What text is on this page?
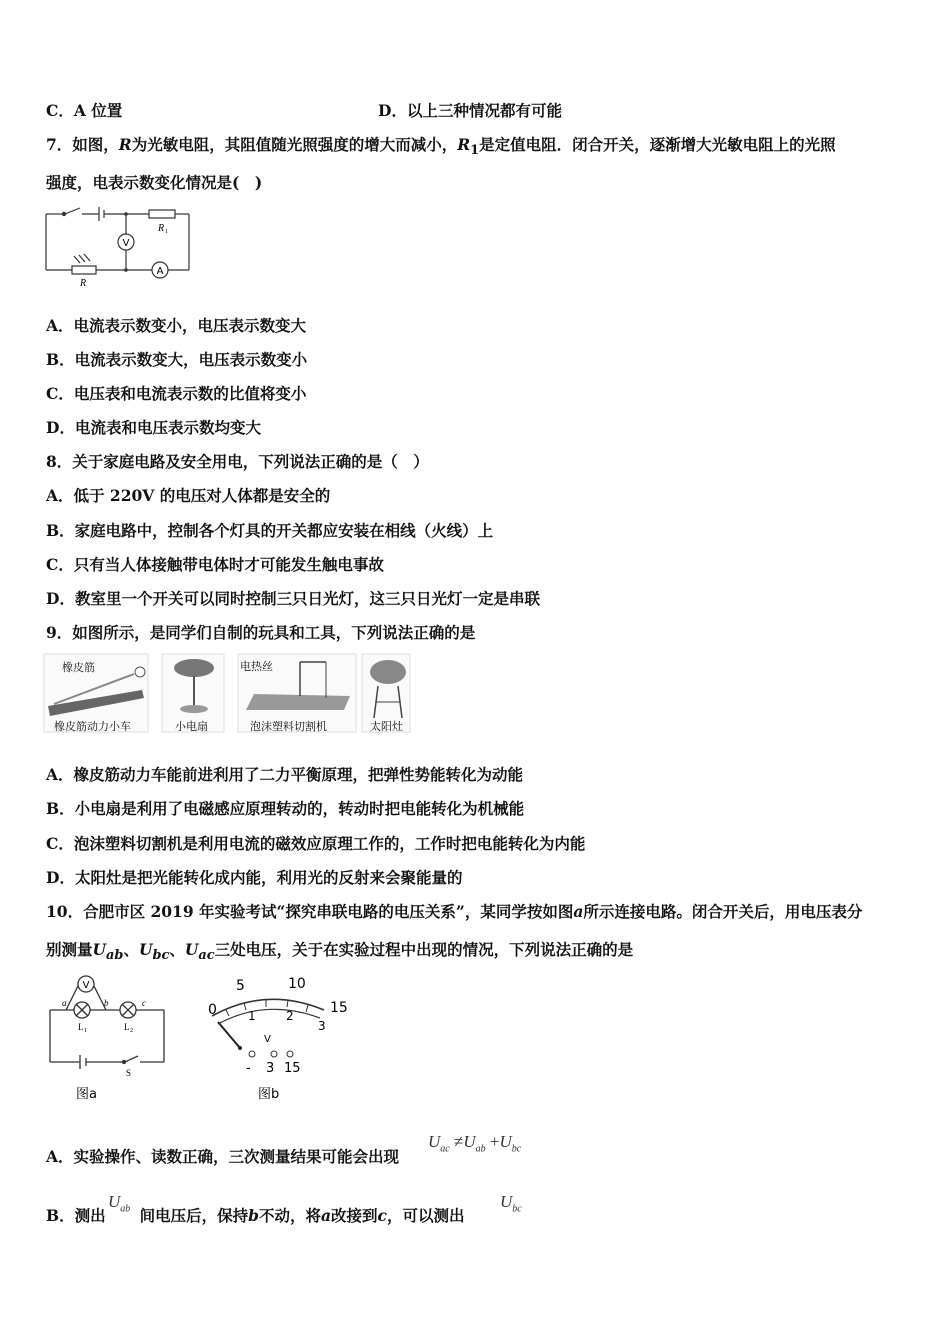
C．A 位置	D．以上三种情况都有可能
7．如图，R为光敏电阻，其阻值随光照强度的增大而减小，$R_1$是定值电阻．闭合开关，逐渐增大光敏电阻上的光照
强度，电表示数变化情况是(　)
V
A
R 1
R
A．电流表示数变小，电压表示数变大
B．电流表示数变大，电压表示数变小
C．电压表和电流表示数的比值将变小
D．电流表和电压表示数均变大
8．关于家庭电路及安全用电，下列说法正确的是（　）
A．低于 220V 的电压对人体都是安全的
B．家庭电路中，控制各个灯具的开关都应安装在相线（火线）上
C．只有当人体接触带电体时才可能发生触电事故
D．教室里一个开关可以同时控制三只日光灯，这三只日光灯一定是串联
9．如图所示，是同学们自制的玩具和工具，下列说法正确的是
橡皮筋
橡皮筋动力小车	小电扇
电热丝
泡沫塑料切割机	太阳灶
A．橡皮筋动力车能前进利用了二力平衡原理，把弹性势能转化为动能
B．小电扇是利用了电磁感应原理转动的，转动时把电能转化为机械能
C．泡沫塑料切割机是利用电流的磁效应原理工作的，工作时把电能转化为内能
D．太阳灶是把光能转化成内能，利用光的反射来会聚能量的
10．合肥市区 2019 年实验考试“探究串联电路的电压关系”，某同学按如图a所示连接电路。闭合开关后，用电压表分
别测量$U_{ab}$、$U_{bc}$、$U_{ac}$三处电压，关于在实验过程中出现的情况，下列说法正确的是
V
a	b	c
L 1	L 2
S
图a
0
5	10
15
1	2
3
V
- 3 15
图b
A．实验操作、读数正确，三次测量结果可能会出现
$U_{ac} \ne U_{ab} +U_{bc}$
B．测出 间电压后，保持b不动，将a改接到c，可以测出
$U_{ab}$	$U_{bc}$
